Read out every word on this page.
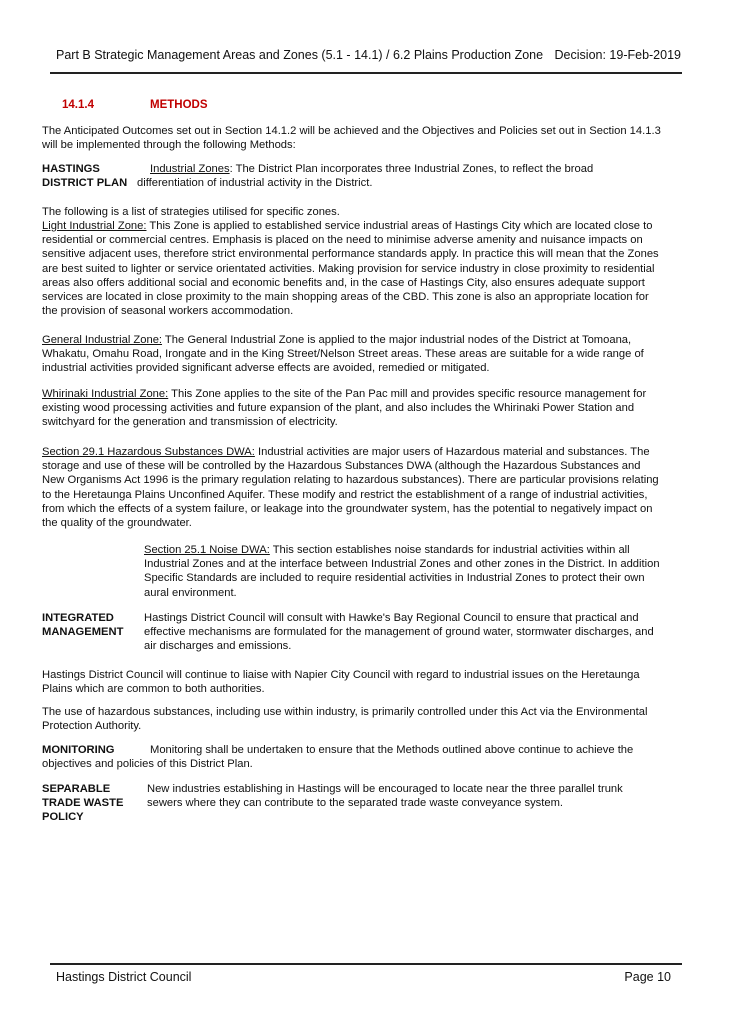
Part B Strategic Management Areas and Zones (5.1 - 14.1) / 6.2 Plains Production Zone Decision: 19-Feb-2019
14.1.4	METHODS
The Anticipated Outcomes set out in Section 14.1.2 will be achieved and the Objectives and Policies set out in Section 14.1.3 will be implemented through the following Methods:
HASTINGS
DISTRICT PLAN
Industrial Zones: The District Plan incorporates three Industrial Zones, to reflect the broad
differentiation of industrial activity in the District.
The following is a list of strategies utilised for specific zones.
Light Industrial Zone: This Zone is applied to established service industrial areas of Hastings City which are located close to residential or commercial centres. Emphasis is placed on the need to minimise adverse amenity and nuisance impacts on sensitive adjacent uses, therefore strict environmental performance standards apply. In practice this will mean that the Zones are best suited to lighter or service orientated activities. Making provision for service industry in close proximity to residential areas also offers additional social and economic benefits and, in the case of Hastings City, also ensures adequate support services are located in close proximity to the main shopping areas of the CBD. This zone is also an appropriate location for the provision of seasonal workers accommodation.
General Industrial Zone: The General Industrial Zone is applied to the major industrial nodes of the District at Tomoana, Whakatu, Omahu Road, Irongate and in the King Street/Nelson Street areas. These areas are suitable for a wide range of industrial activities provided significant adverse effects are avoided, remedied or mitigated.
Whirinaki Industrial Zone: This Zone applies to the site of the Pan Pac mill and provides specific resource management for existing wood processing activities and future expansion of the plant, and also includes the Whirinaki Power Station and switchyard for the generation and transmission of electricity.
Section 29.1 Hazardous Substances DWA: Industrial activities are major users of Hazardous material and substances. The storage and use of these will be controlled by the Hazardous Substances DWA (although the Hazardous Substances and New Organisms Act 1996 is the primary regulation relating to hazardous substances). There are particular provisions relating to the Heretaunga Plains Unconfined Aquifer. These modify and restrict the establishment of a range of industrial activities, from which the effects of a system failure, or leakage into the groundwater system, has the potential to negatively impact on the quality of the groundwater.
Section 25.1 Noise DWA: This section establishes noise standards for industrial activities within all Industrial Zones and at the interface between Industrial Zones and other zones in the District. In addition Specific Standards are included to require residential activities in Industrial Zones to protect their own aural environment.
INTEGRATED
MANAGEMENT
Hastings District Council will consult with Hawke's Bay Regional Council to ensure that practical and effective mechanisms are formulated for the management of ground water, stormwater discharges, and air discharges and emissions.
Hastings District Council will continue to liaise with Napier City Council with regard to industrial issues on the Heretaunga Plains which are common to both authorities.
The use of hazardous substances, including use within industry, is primarily controlled under this Act via the Environmental Protection Authority.
MONITORING	Monitoring shall be undertaken to ensure that the Methods outlined above continue to achieve the objectives and policies of this District Plan.
SEPARABLE
TRADE WASTE
POLICY
New industries establishing in Hastings will be encouraged to locate near the three parallel trunk sewers where they can contribute to the separated trade waste conveyance system.
Hastings District Council	Page 10
